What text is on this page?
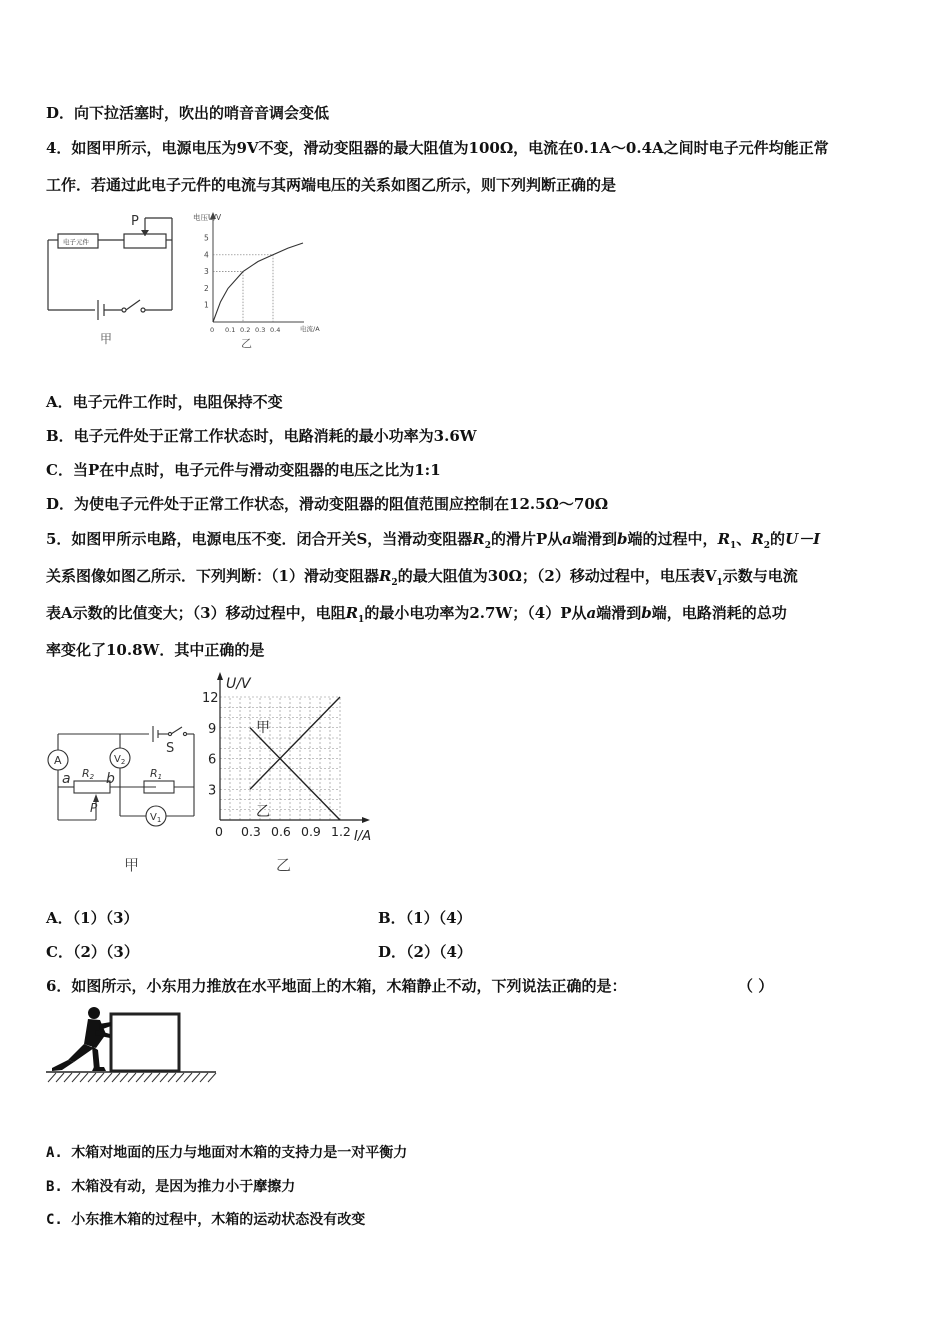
D．向下拉活塞时，吹出的哨音音调会变低
4．如图甲所示，电源电压为9V不变，滑动变阻器的最大阻值为100Ω，电流在0.1A～0.4A之间时电子元件均能正常
工作．若通过此电子元件的电流与其两端电压的关系如图乙所示，则下列判断正确的是
电子元件
P
甲
电压U/V
电流/A
1
2
3
4
5
0 0.1 0.2 0.3 0.4
乙
A．电子元件工作时，电阻保持不变
B．电子元件处于正常工作状态时，电路消耗的最小功率为3.6W
C．当P在中点时，电子元件与滑动变阻器的电压之比为1:1
D．为使电子元件处于正常工作状态，滑动变阻器的阻值范围应控制在12.5Ω～70Ω
5．如图甲所示电路，电源电压不变．闭合开关S，当滑动变阻器$R_2$的滑片P从a端滑到b端的过程中，$R_1$、$R_2$的U－I
关系图像如图乙所示．下列判断：（1）滑动变阻器$R_2$的最大阻值为30Ω；（2）移动过程中，电压表$V_1$示数与电流
表A示数的比值变大；（3）移动过程中，电阻$R_1$的最小电功率为2.7W；（4）P从a端滑到b端，电路消耗的总功
率变化了10.8W．其中正确的是
A	$V_2$
$V_1$
S
R2	R1
a	b
P
甲
U/V
I/A
3
6
9
12
0 0.3 0.6 0.9 1.2
甲
乙
乙
A．（1）（3）	B．（1）（4）
C．（2）（3）	D．（2）（4）
6．如图所示，小东用力推放在水平地面上的木箱，木箱静止不动，下列说法正确的是：	（ ）
A. 木箱对地面的压力与地面对木箱的支持力是一对平衡力
B. 木箱没有动，是因为推力小于摩擦力
C. 小东推木箱的过程中，木箱的运动状态没有改变
